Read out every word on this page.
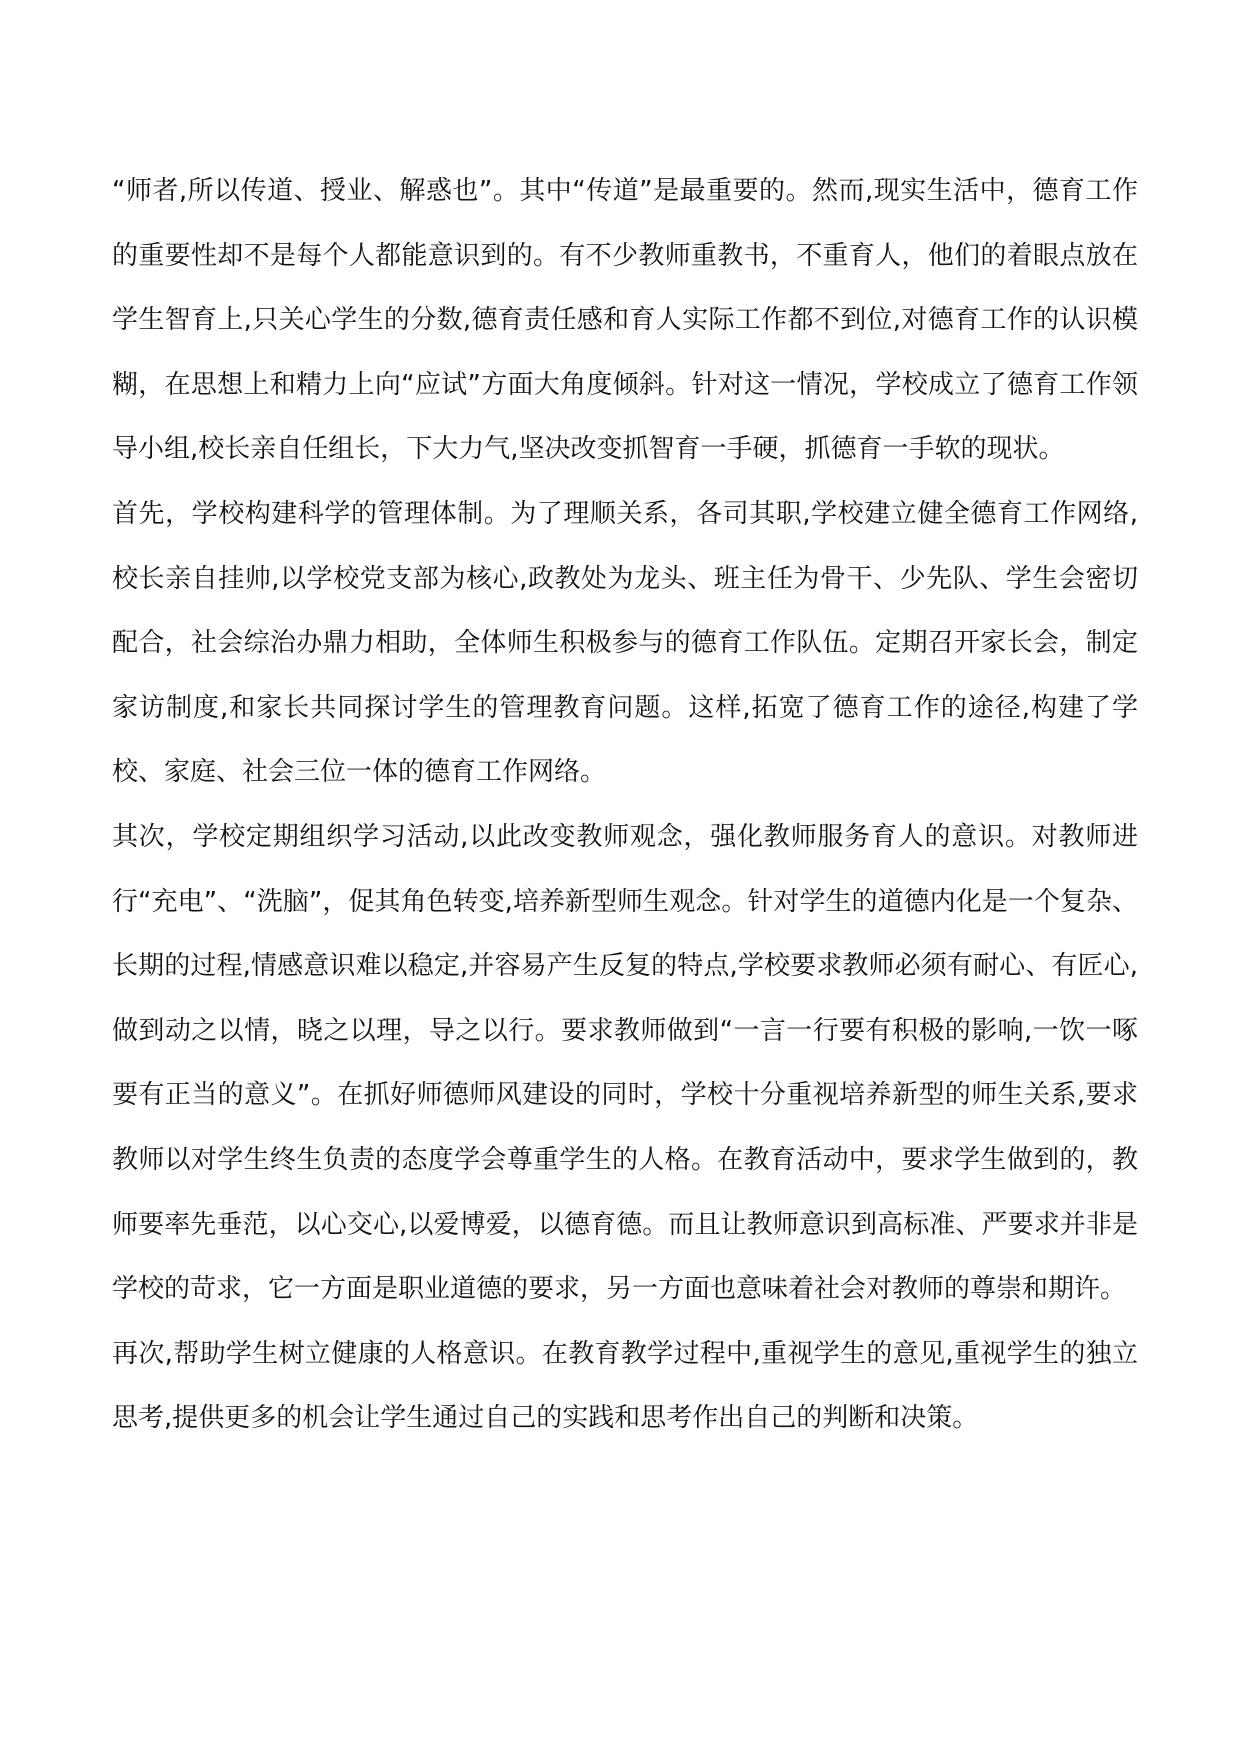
“师者,所以传道、授业、解惑也”。其中“传道”是最重要的。然而,现实生活中，德育工作的重要性却不是每个人都能意识到的。有不少教师重教书，不重育人，他们的着眼点放在学生智育上,只关心学生的分数,德育责任感和育人实际工作都不到位,对德育工作的认识模糊，在思想上和精力上向“应试”方面大角度倾斜。针对这一情况，学校成立了德育工作领导小组,校长亲自任组长，下大力气,坚决改变抓智育一手硬，抓德育一手软的现状。

首先，学校构建科学的管理体制。为了理顺关系，各司其职,学校建立健全德育工作网络,校长亲自挂帅,以学校党支部为核心,政教处为龙头、班主任为骨干、少先队、学生会密切配合，社会综治办鼎力相助，全体师生积极参与的德育工作队伍。定期召开家长会，制定家访制度,和家长共同探讨学生的管理教育问题。这样,拓宽了德育工作的途径,构建了学校、家庭、社会三位一体的德育工作网络。

其次，学校定期组织学习活动,以此改变教师观念，强化教师服务育人的意识。对教师进行“充电”、“洗脑”，促其角色转变,培养新型师生观念。针对学生的道德内化是一个复杂、长期的过程,情感意识难以稳定,并容易产生反复的特点,学校要求教师必须有耐心、有匠心,做到动之以情，晓之以理，导之以行。要求教师做到“一言一行要有积极的影响,一饮一啄要有正当的意义”。在抓好师德师风建设的同时，学校十分重视培养新型的师生关系,要求教师以对学生终生负责的态度学会尊重学生的人格。在教育活动中，要求学生做到的，教师要率先垂范，以心交心,以爱博爱，以德育德。而且让教师意识到高标准、严要求并非是学校的苛求，它一方面是职业道德的要求，另一方面也意味着社会对教师的尊崇和期许。

再次,帮助学生树立健康的人格意识。在教育教学过程中,重视学生的意见,重视学生的独立思考,提供更多的机会让学生通过自己的实践和思考作出自己的判断和决策。
